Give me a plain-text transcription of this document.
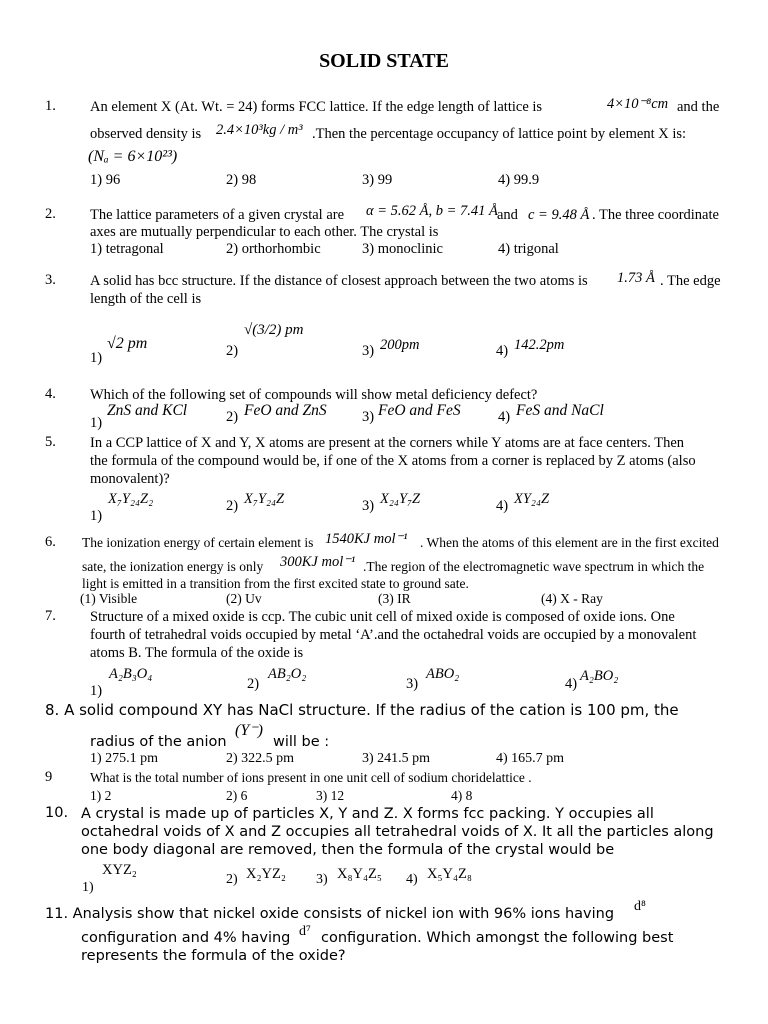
SOLID STATE
1. An element X (At. Wt. = 24) forms FCC lattice. If the edge length of lattice is	4×10⁻⁸cm and the
observed density is 2.4×10³kg / m³ .Then the percentage occupancy of lattice point by element X is:
(Nₐ = 6×10²³)
1) 96	2) 98	3) 99	4) 99.9
2. The lattice parameters of a given crystal are α = 5.62 Å, b = 7.41 Å and c = 9.48 Å . The three coordinate
axes are mutually perpendicular to each other. The crystal is
1) tetragonal	2) orthorhombic	3) monoclinic	4) trigonal
3. A solid has bcc structure. If the distance of closest approach between the two atoms is 1.73 Å . The edge
length of the cell is
1)
√2 pm	2)
√(3/2) pm
3) 200pm	4) 142.2pm
4. Which of the following set of compounds will show metal deficiency defect?
1)
ZnS and KCl	2) FeO and ZnS 3) FeO and FeS	4) FeS and NaCl
5. In a CCP lattice of X and Y, X atoms are present at the corners while Y atoms are at face centers. Then
the formula of the compound would be, if one of the X atoms from a corner is replaced by Z atoms (also
monovalent)?
1)
X₇Y₂₄Z₂	2) X₇Y₂₄Z	3) X₂₄Y₇Z	4) XY₂₄Z
6. The ionization energy of certain element is 1540KJ mol⁻¹ . When the atoms of this element are in the first excited
sate, the ionization energy is only 300KJ mol⁻¹ .The region of the electromagnetic wave spectrum in which the
light is emitted in a transition from the first excited state to ground sate.
(1) Visible	(2) Uv	(3) IR	(4) X - Ray
7. Structure of a mixed oxide is ccp. The cubic unit cell of mixed oxide is composed of oxide ions. One
fourth of tetrahedral voids occupied by metal ‘A’.and the octahedral voids are occupied by a monovalent
atoms B. The formula of the oxide is
1)
A₂B₃O₄
2)
AB₂O₂
3)
ABO₂
4) A₂BO₂
8. A solid compound XY has NaCl structure. If the radius of the cation is 100 pm, the
radius of the anion
(Y⁻)
will be :
1) 275.1 pm	2) 322.5 pm	3) 241.5 pm	4) 165.7 pm
9	What is the total number of ions present in one unit cell of sodium choridelattice .
1) 2	2) 6	3) 12	4) 8
10. A crystal is made up of particles X, Y and Z. X forms fcc packing. Y occupies all
octahedral voids of X and Z occupies all tetrahedral voids of X. It all the particles along
one body diagonal are removed, then the formula of the crystal would be
1)
XYZ₂
2) X₂YZ₂ 3) X₈Y₄Z₅ 4) X₅Y₄Z₈
11. Analysis show that nickel oxide consists of nickel ion with 96% ions having d⁸
configuration and 4% having d⁷ configuration. Which amongst the following best
represents the formula of the oxide?
